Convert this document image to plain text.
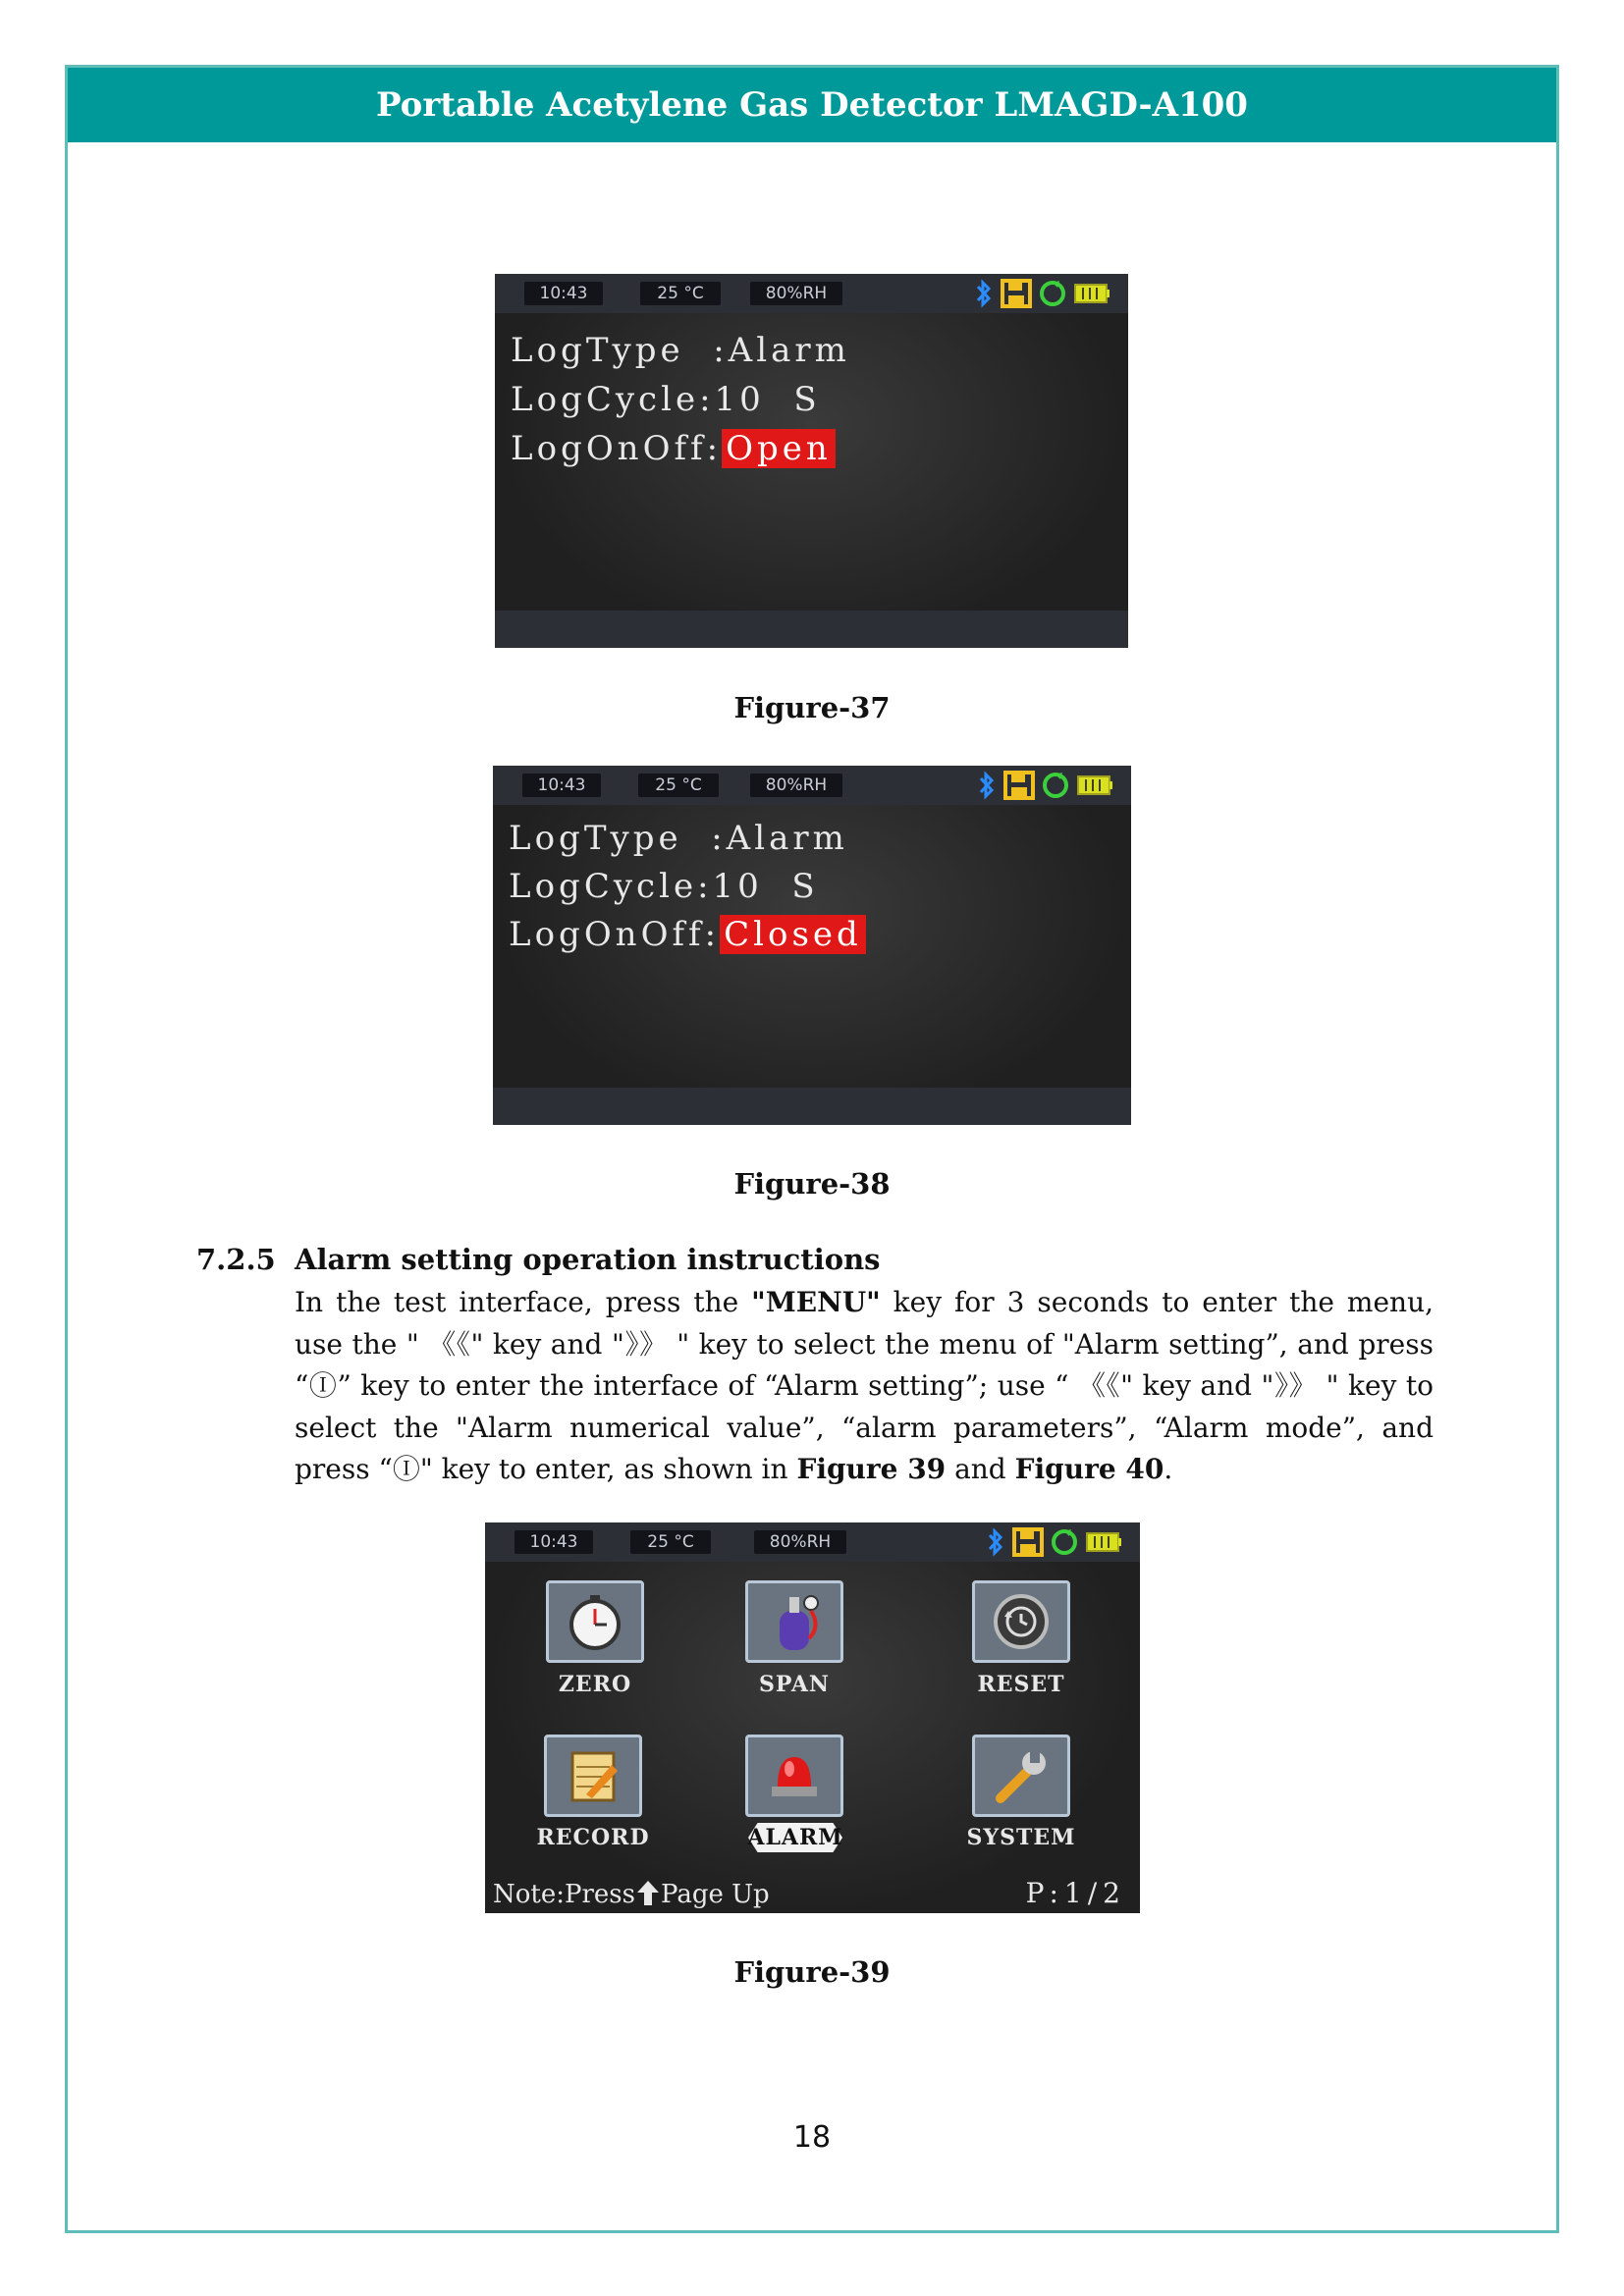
Portable Acetylene Gas Detector LMAGD-A100
10:43	25 °C	80%RH
LogType  :Alarm
LogCycle:10  S
LogOnOff: Open
Figure-37
10:43	25 °C	80%RH
LogType  :Alarm
LogCycle:10  S
LogOnOff: Closed
Figure-38
7.2.5 Alarm setting operation instructions
In the test interface, press the "MENU" key for 3 seconds to enter the menu, use the " 《《" key and "》》 " key to select the menu of "Alarm setting”, and press “Ⓘ” key to enter the interface of “Alarm setting”; use “ 《《" key and "》》 " key to select the "Alarm numerical value”, “alarm parameters”, “Alarm mode”, and press “Ⓘ" key to enter, as shown in Figure 39 and Figure 40.
10:43	25 °C	80%RH
ZERO	SPAN	RESET
RECORD	ALARM	SYSTEM
Note:Press Page Up	P:1/2
Figure-39
18
